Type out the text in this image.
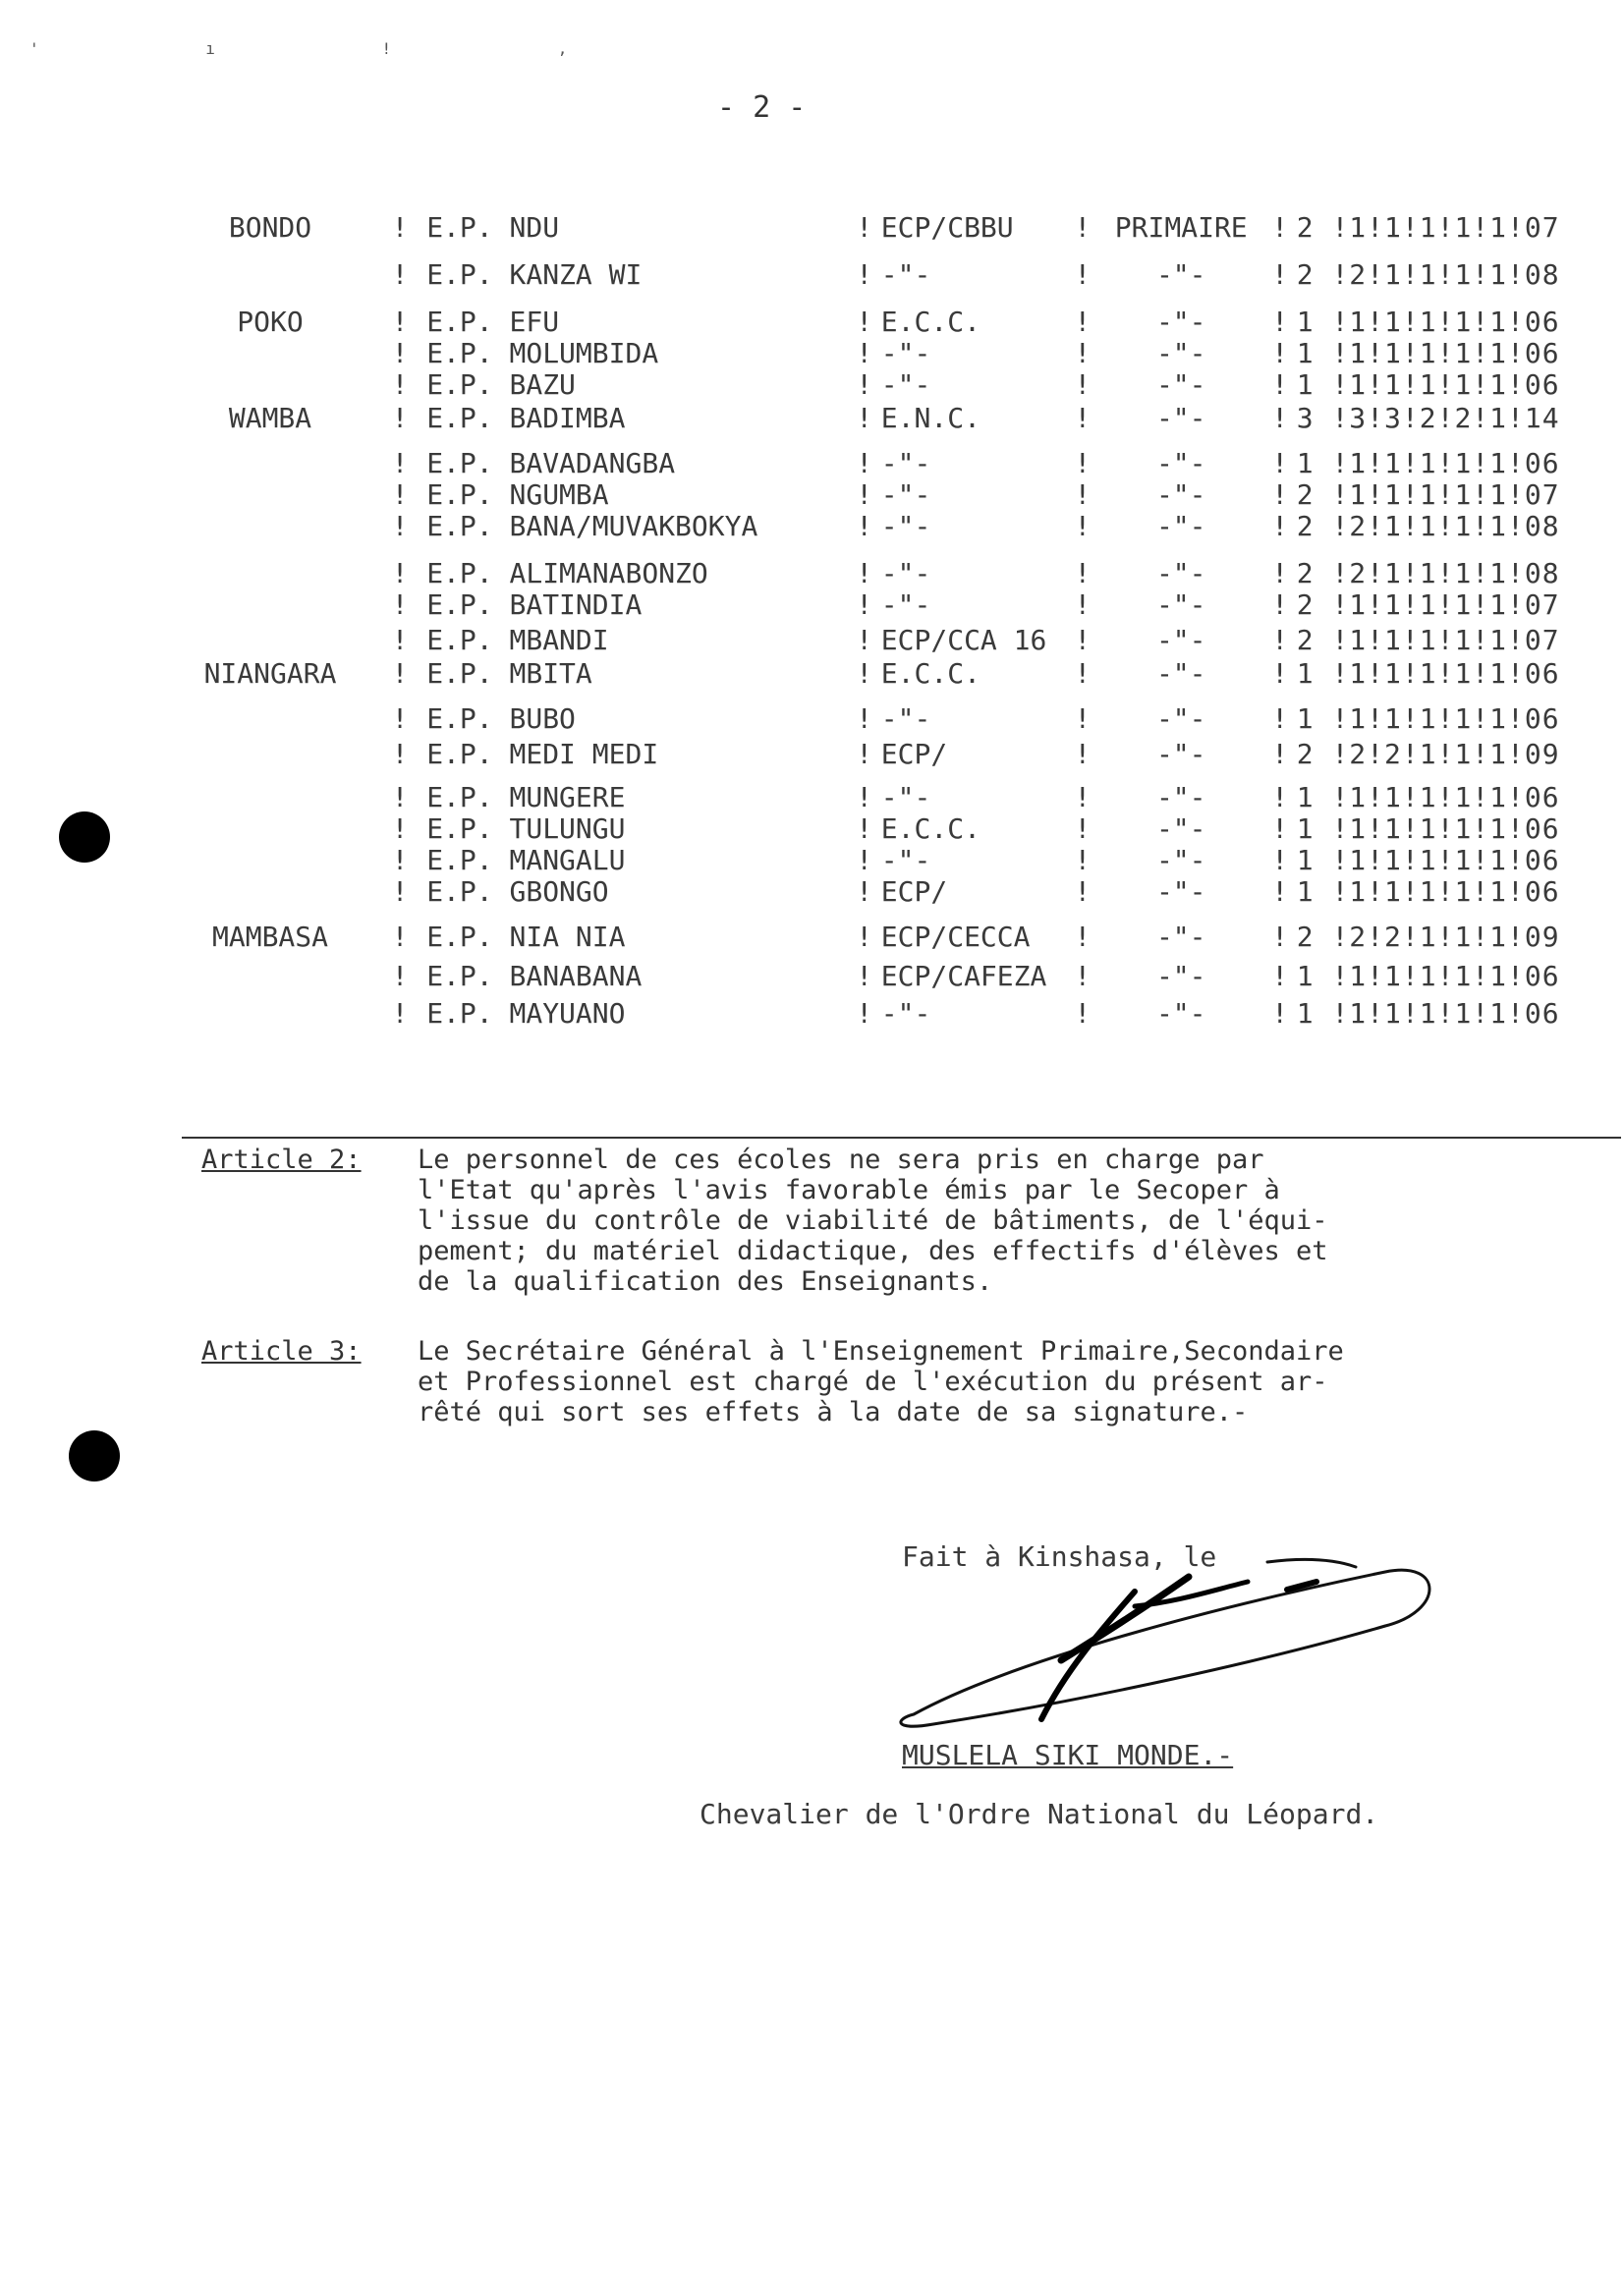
' ı ! ,
- 2 -
BONDO	!	E.P. NDU	!	ECP/CBBU	!	PRIMAIRE	!	2 !1!1!1!1!1!07
	!	E.P. KANZA WI	!	-"-	!	-"-	!	2 !2!1!1!1!1!08
POKO	!	E.P. EFU	!	E.C.C.	!	-"-	!	1 !1!1!1!1!1!06
	!	E.P. MOLUMBIDA	!	-"-	!	-"-	!	1 !1!1!1!1!1!06
	!	E.P. BAZU	!	-"-	!	-"-	!	1 !1!1!1!1!1!06
WAMBA	!	E.P. BADIMBA	!	E.N.C.	!	-"-	!	3 !3!3!2!2!1!14
	!	E.P. BAVADANGBA	!	-"-	!	-"-	!	1 !1!1!1!1!1!06
	!	E.P. NGUMBA	!	-"-	!	-"-	!	2 !1!1!1!1!1!07
	!	E.P. BANA/MUVAKBOKYA	!	-"-	!	-"-	!	2 !2!1!1!1!1!08
	!	E.P. ALIMANABONZO	!	-"-	!	-"-	!	2 !2!1!1!1!1!08
	!	E.P. BATINDIA	!	-"-	!	-"-	!	2 !1!1!1!1!1!07
	!	E.P. MBANDI	!	ECP/CCA 16	!	-"-	!	2 !1!1!1!1!1!07
NIANGARA	!	E.P. MBITA	!	E.C.C.	!	-"-	!	1 !1!1!1!1!1!06
	!	E.P. BUBO	!	-"-	!	-"-	!	1 !1!1!1!1!1!06
	!	E.P. MEDI MEDI	!	ECP/	!	-"-	!	2 !2!2!1!1!1!09
	!	E.P. MUNGERE	!	-"-	!	-"-	!	1 !1!1!1!1!1!06
	!	E.P. TULUNGU	!	E.C.C.	!	-"-	!	1 !1!1!1!1!1!06
	!	E.P. MANGALU	!	-"-	!	-"-	!	1 !1!1!1!1!1!06
	!	E.P. GBONGO	!	ECP/	!	-"-	!	1 !1!1!1!1!1!06
MAMBASA	!	E.P. NIA NIA	!	ECP/CECCA	!	-"-	!	2 !2!2!1!1!1!09
	!	E.P. BANABANA	!	ECP/CAFEZA	!	-"-	!	1 !1!1!1!1!1!06
	!	E.P. MAYUANO	!	-"-	!	-"-	!	1 !1!1!1!1!1!06
Article 2: Le personnel de ces écoles ne sera pris en charge par
l'Etat qu'après l'avis favorable émis par le Secoper à
l'issue du contrôle de viabilité de bâtiments, de l'équi-
pement; du matériel didactique, des effectifs d'élèves et
de la qualification des Enseignants.
Article 3: Le Secrétaire Général à l'Enseignement Primaire,Secondaire
et Professionnel est chargé de l'exécution du présent ar-
rêté qui sort ses effets à la date de sa signature.-
Fait à Kinshasa, le
MUSLELA SIKI MONDE.-
Chevalier de l'Ordre National du Léopard.
